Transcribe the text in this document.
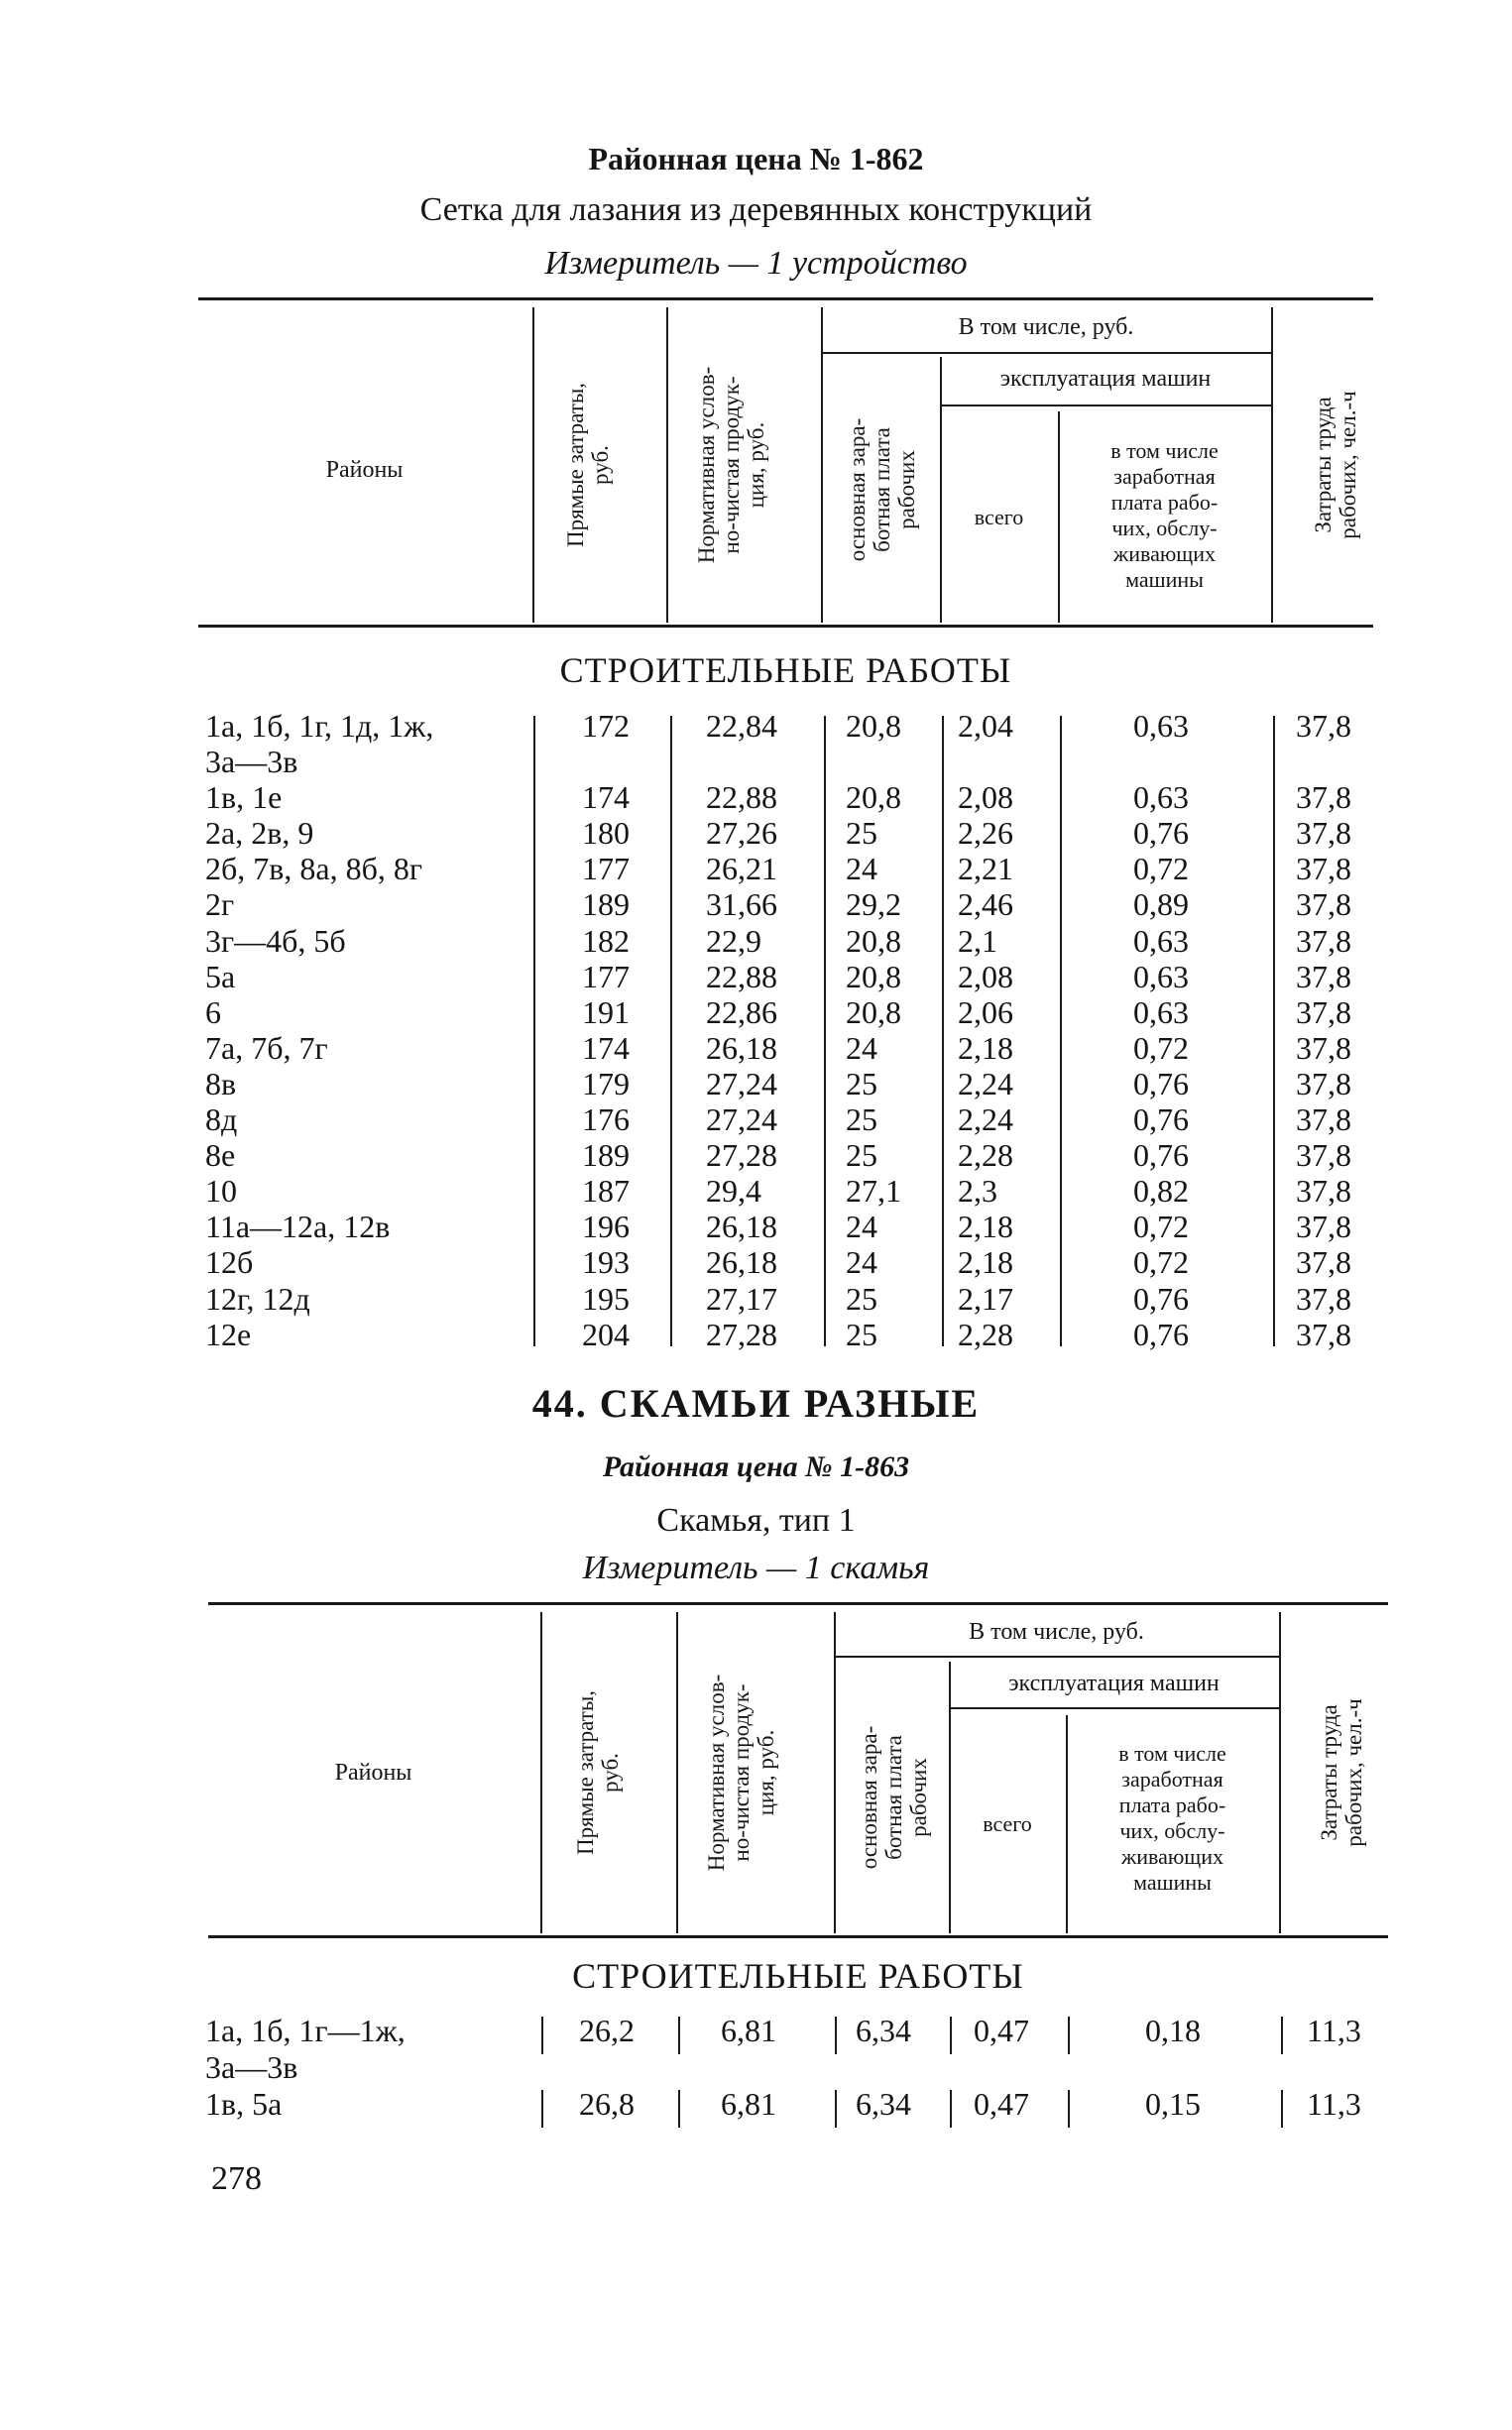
Районная цена № 1-862
Сетка для лазания из деревянных конструкций
Измеритель — 1 устройство
Районы	Прямые затраты,
руб.	Нормативная услов-
но-чистая продук-
ция, руб.
В том числе, руб.
основная зара-
ботная плата
рабочих
эксплуатация машин
всего
в том числе
заработная
плата рабо-
чих, обслу-
живающих
машины
Затраты труда
рабочих, чел.-ч
СТРОИТЕЛЬНЫЕ РАБОТЫ
1а, 1б, 1г, 1д, 1ж,
3а—3в
172 22,84 20,8 2,04	0,63	37,8
1в, 1е	174 22,88 20,8 2,08	0,63	37,8
2а, 2в, 9	180 27,26 25	2,26	0,76	37,8
2б, 7в, 8а, 8б, 8г	177 26,21 24	2,21	0,72	37,8
2г	189 31,66 29,2 2,46	0,89	37,8
3г—4б, 5б	182 22,9	20,8 2,1	0,63	37,8
5а	177 22,88 20,8 2,08	0,63	37,8
6	191 22,86 20,8 2,06	0,63	37,8
7а, 7б, 7г	174 26,18 24	2,18	0,72	37,8
8в	179 27,24 25	2,24	0,76	37,8
8д	176 27,24 25	2,24	0,76	37,8
8е	189 27,28 25	2,28	0,76	37,8
10	187 29,4	27,1 2,3	0,82	37,8
11а—12а, 12в	196 26,18 24	2,18	0,72	37,8
12б	193 26,18 24	2,18	0,72	37,8
12г, 12д	195 27,17 25	2,17	0,76	37,8
12е	204 27,28 25	2,28	0,76	37,8
44. СКАМЬИ РАЗНЫЕ
Районная цена № 1-863
Скамья, тип 1
Измеритель — 1 скамья
Районы	Прямые затраты,
руб.	Нормативная услов-
но-чистая продук-
ция, руб.
В том числе, руб.
основная зара-
ботная плата
рабочих
эксплуатация машин
всего
в том числе
заработная
плата рабо-
чих, обслу-
живающих
машины
Затраты труда
рабочих, чел.-ч
СТРОИТЕЛЬНЫЕ РАБОТЫ
1а, 1б, 1г—1ж,
3а—3в
26,2	6,81	6,34 0,47	0,18	11,3
1в, 5а	26,8	6,81	6,34 0,47	0,15	11,3
278
